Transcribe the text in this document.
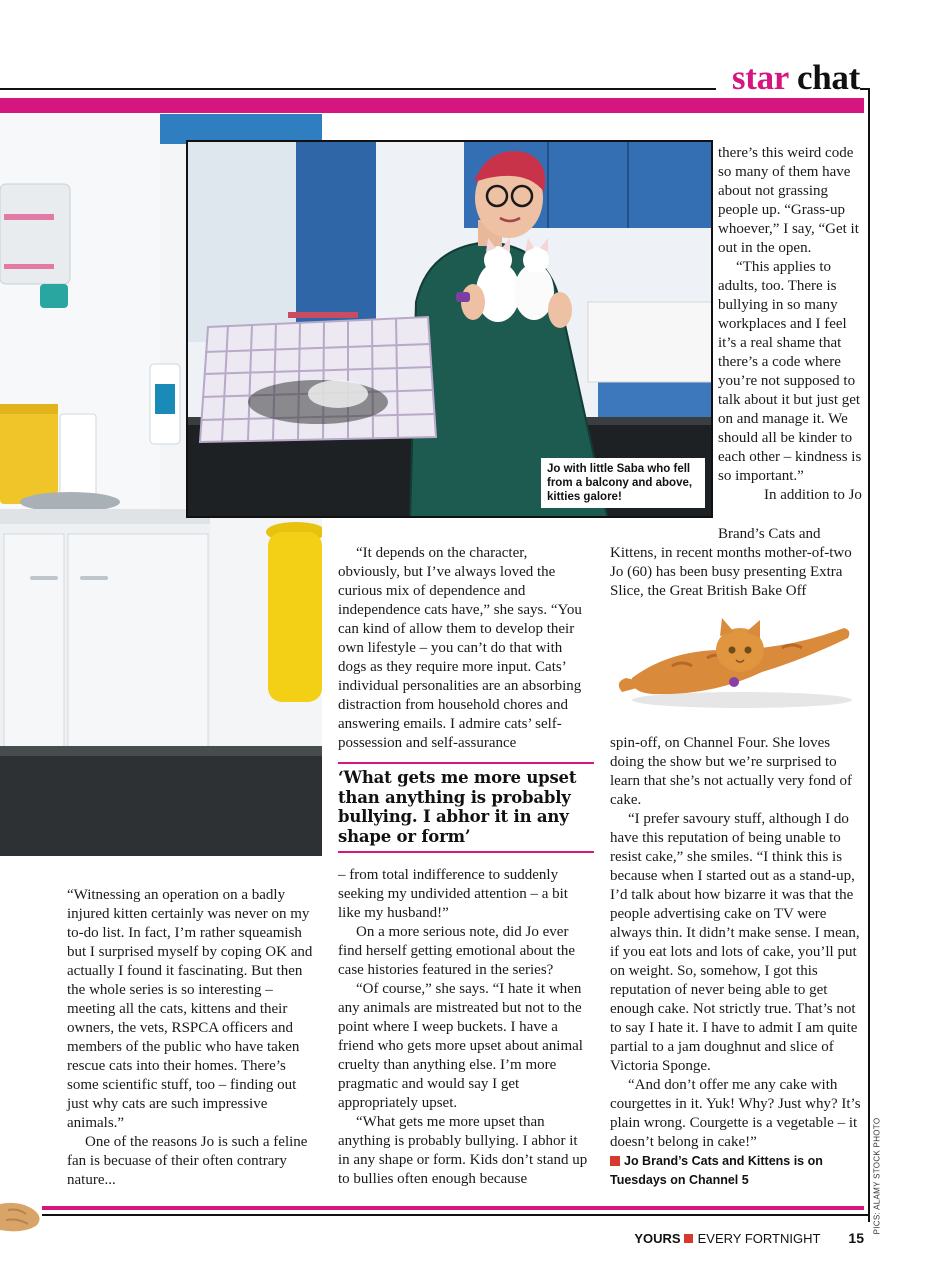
star chat
Jo with little Saba who fell from a balcony and above, kitties galore!

there’s this weird code so many of them have about not grassing people up. “Grass-up whoever,” I say, “Get it out in the open.

“This applies to adults, too. There is bullying in so many workplaces and I feel it’s a real shame that there’s a code where you’re not supposed to talk about it but just get on and manage it. We should all be kinder to each other – kindness is so important.”

In addition to Jo

Brand’s Cats and Kittens, in recent months mother-of-two Jo (60) has been busy presenting Extra Slice, the Great British Bake Off

“It depends on the character, obviously, but I’ve always loved the curious mix of dependence and independence cats have,” she says. “You can kind of allow them to develop their own lifestyle – you can’t do that with dogs as they require more input. Cats’ individual personalities are an absorbing distraction from household chores and answering emails. I admire cats’ self-possession and self-assurance

‘What gets me more upset than anything is probably bullying. I abhor it in any shape or form’

– from total indifference to suddenly seeking my undivided attention – a bit like my husband!”

On a more serious note, did Jo ever find herself getting emotional about the case histories featured in the series?

“Of course,” she says. “I hate it when any animals are mistreated but not to the point where I weep buckets. I have a friend who gets more upset about animal cruelty than anything else. I’m more pragmatic and would say I get appropriately upset.

“What gets me more upset than anything is probably bullying. I abhor it in any shape or form. Kids don’t stand up to bullies often enough because

“Witnessing an operation on a badly injured kitten certainly was never on my to-do list. In fact, I’m rather squeamish but I surprised myself by coping OK and actually I found it fascinating. But then the whole series is so interesting – meeting all the cats, kittens and their owners, the vets, RSPCA officers and members of the public who have taken rescue cats into their homes. There’s some scientific stuff, too – finding out just why cats are such impressive animals.”

One of the reasons Jo is such a feline fan is becuase of their often contrary nature...

spin-off, on Channel Four. She loves doing the show but we’re surprised to learn that she’s not actually very fond of cake.

“I prefer savoury stuff, although I do have this reputation of being unable to resist cake,” she smiles. “I think this is because when I started out as a stand-up, I’d talk about how bizarre it was that the people advertising cake on TV were always thin. It didn’t make sense. I mean, if you eat lots and lots of cake, you’ll put on weight. So, somehow, I got this reputation of never being able to get enough cake. Not strictly true. That’s not to say I hate it. I have to admit I am quite partial to a jam doughnut and slice of Victoria Sponge.

“And don’t offer me any cake with courgettes in it. Yuk! Why? Just why? It’s plain wrong. Courgette is a vegetable – it doesn’t belong in cake!”

Jo Brand’s Cats and Kittens is on Tuesdays on Channel 5	PICS: ALAMY STOCK PHOTO
YOURS EVERY FORTNIGHT 15
